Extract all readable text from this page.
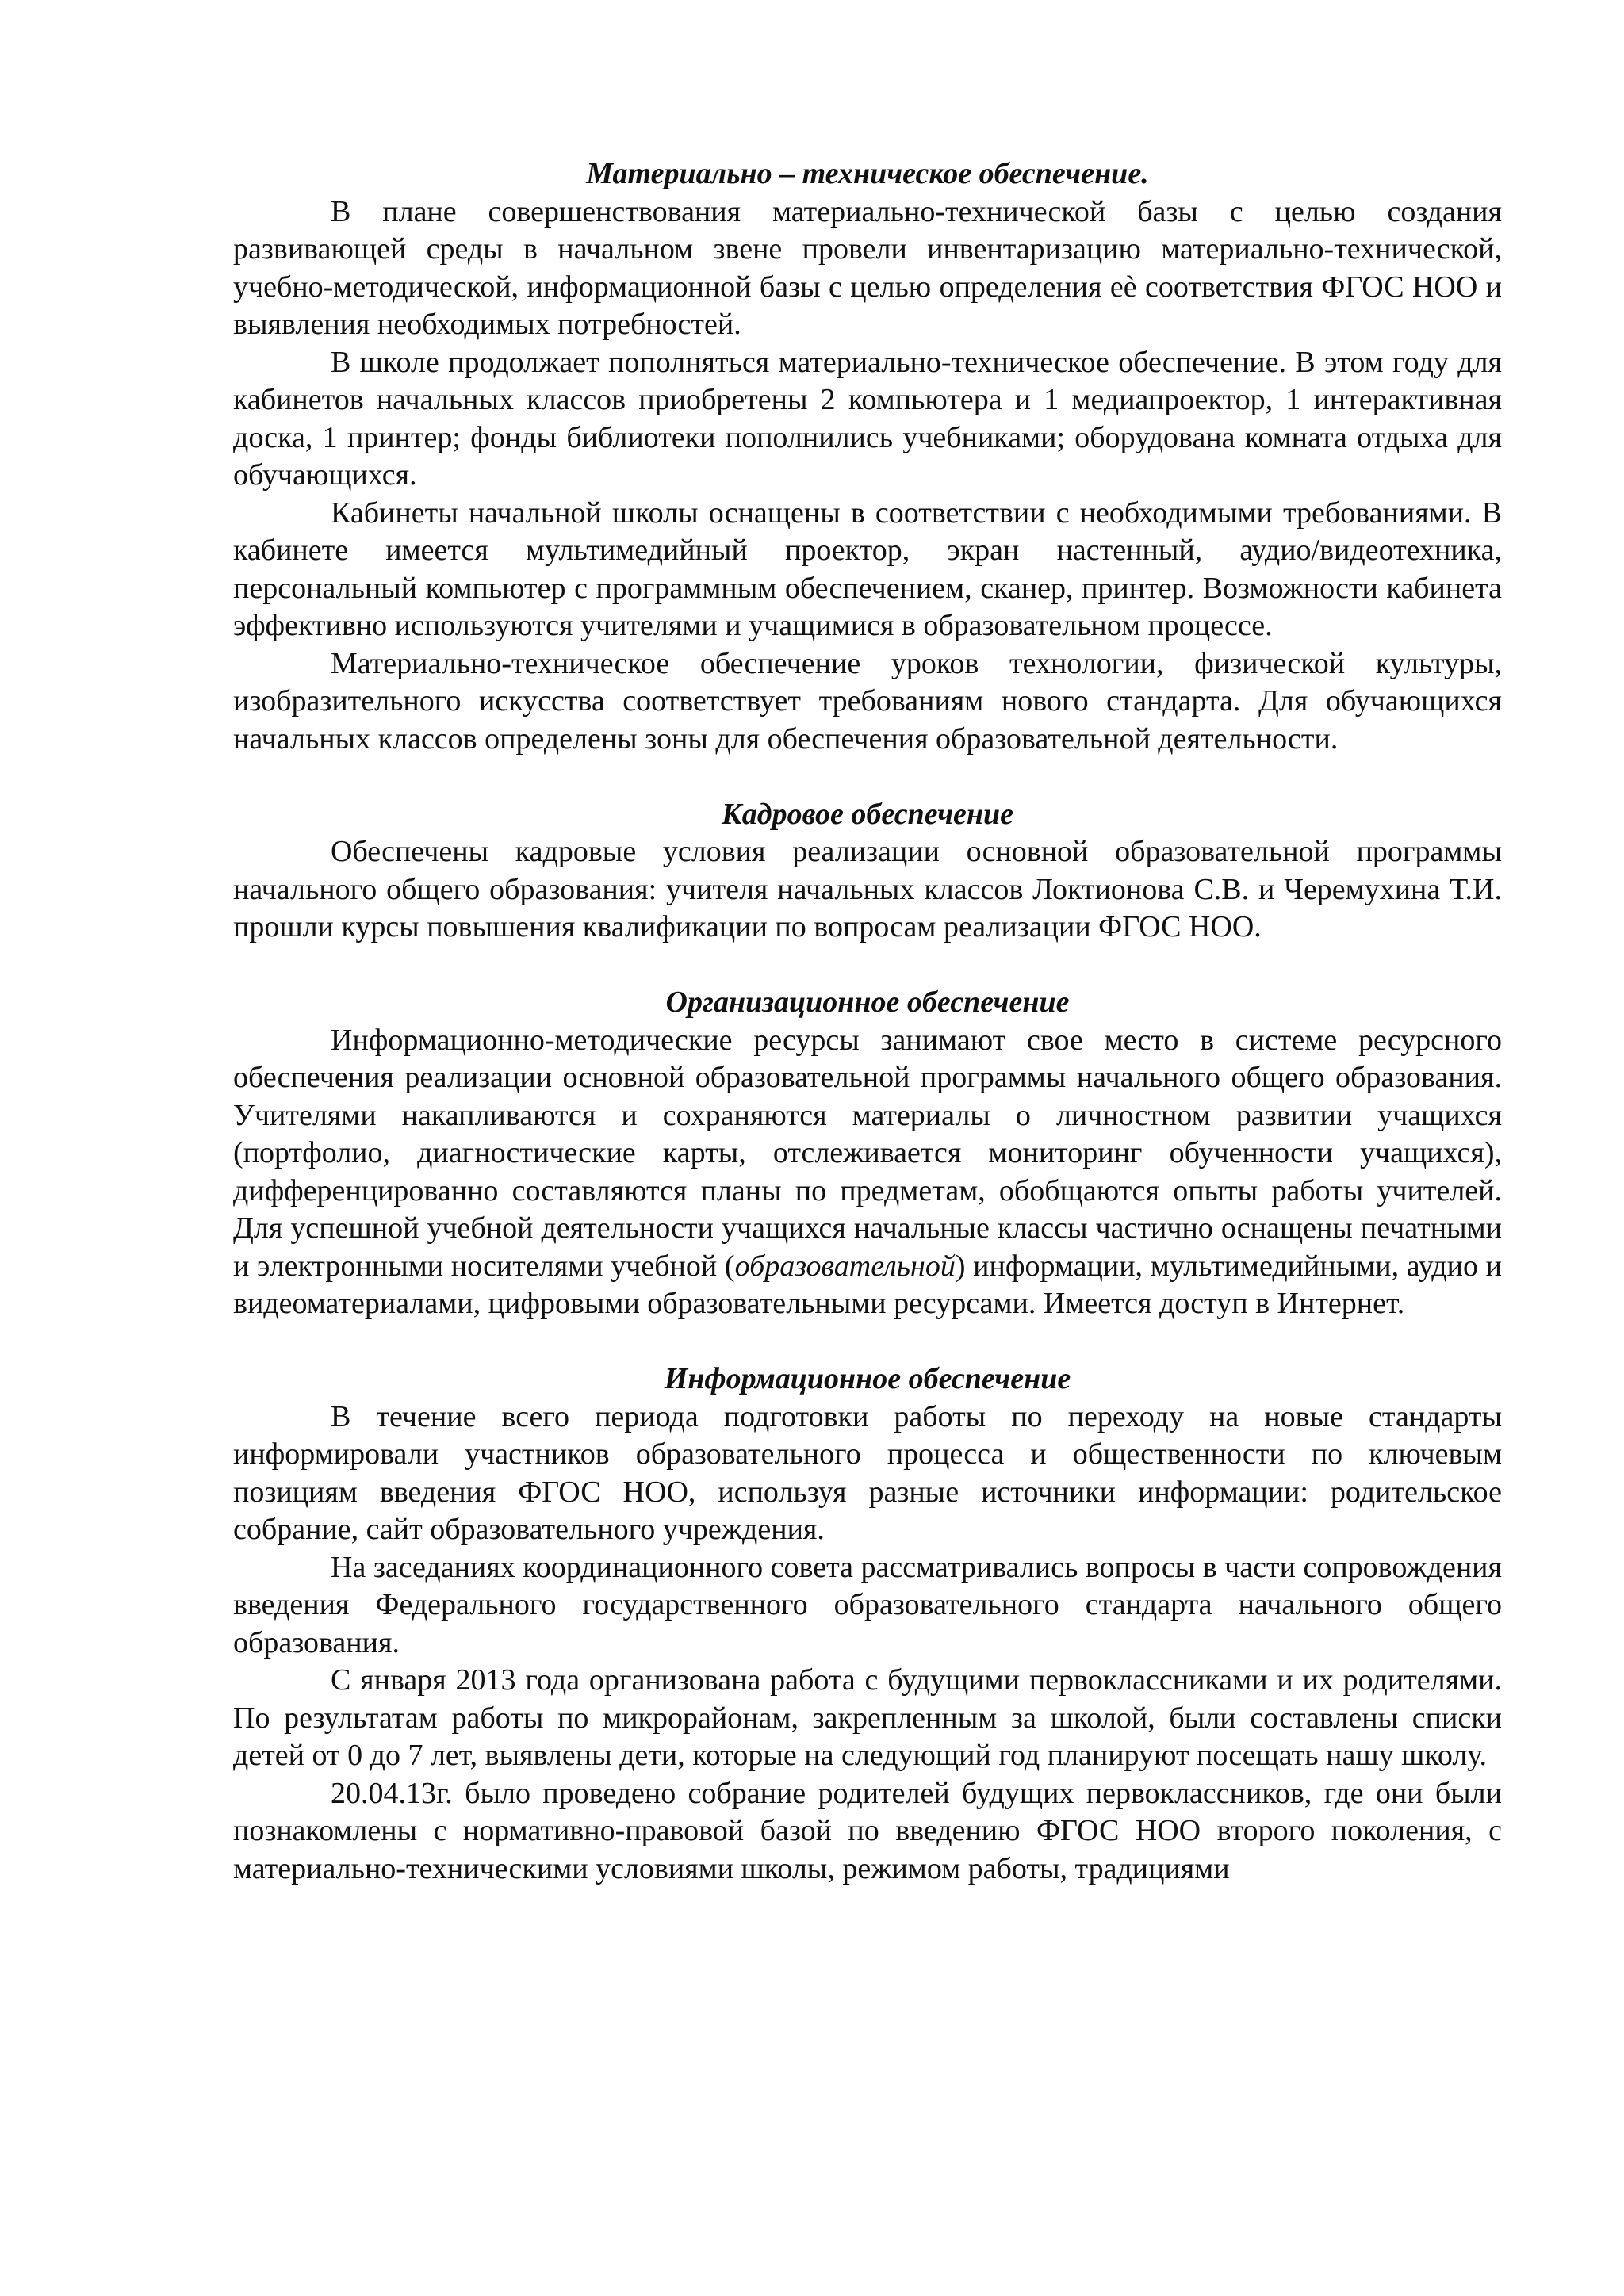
Материально – техническое обеспечение.

В плане совершенствования материально-технической базы с целью создания развивающей среды в начальном звене провели инвентаризацию материально-технической, учебно-методической, информационной базы с целью определения еѐ соответствия ФГОС НОО и выявления необходимых потребностей.

В школе продолжает пополняться материально-техническое обеспечение. В этом году для кабинетов начальных классов приобретены 2 компьютера и 1 медиапроектор, 1 интерактивная доска, 1 принтер; фонды библиотеки пополнились учебниками; оборудована комната отдыха для обучающихся.

Кабинеты начальной школы оснащены в соответствии с необходимыми требованиями. В кабинете имеется мультимедийный проектор, экран настенный, аудио/видеотехника, персональный компьютер с программным обеспечением, сканер, принтер. Возможности кабинета эффективно используются учителями и учащимися в образовательном процессе.

Материально-техническое обеспечение уроков технологии, физической культуры, изобразительного искусства соответствует требованиям нового стандарта. Для обучающихся начальных классов определены зоны для обеспечения образовательной деятельности.

Кадровое обеспечение

Обеспечены кадровые условия реализации основной образовательной программы начального общего образования: учителя начальных классов Локтионова С.В. и Черемухина Т.И. прошли курсы повышения квалификации по вопросам реализации ФГОС НОО.

Организационное обеспечение

Информационно-методические ресурсы занимают свое место в системе ресурсного обеспечения реализации основной образовательной программы начального общего образования. Учителями накапливаются и сохраняются материалы о личностном развитии учащихся (портфолио, диагностические карты, отслеживается мониторинг обученности учащихся), дифференцированно составляются планы по предметам, обобщаются опыты работы учителей. Для успешной учебной деятельности учащихся начальные классы частично оснащены печатными и электронными носителями учебной (образовательной) информации, мультимедийными, аудио и видеоматериалами, цифровыми образовательными ресурсами. Имеется доступ в Интернет.

Информационное обеспечение

В течение всего периода подготовки работы по переходу на новые стандарты информировали участников образовательного процесса и общественности по ключевым позициям введения ФГОС НОО, используя разные источники информации: родительское собрание, сайт образовательного учреждения.

На заседаниях координационного совета рассматривались вопросы в части сопровождения введения Федерального государственного образовательного стандарта начального общего образования.

С января 2013 года организована работа с будущими первоклассниками и их родителями. По результатам работы по микрорайонам, закрепленным за школой, были составлены списки детей от 0 до 7 лет, выявлены дети, которые на следующий год планируют посещать нашу школу.

20.04.13г. было проведено собрание родителей будущих первоклассников, где они были познакомлены с нормативно-правовой базой по введению ФГОС НОО второго поколения, с материально-техническими условиями школы, режимом работы, традициями
